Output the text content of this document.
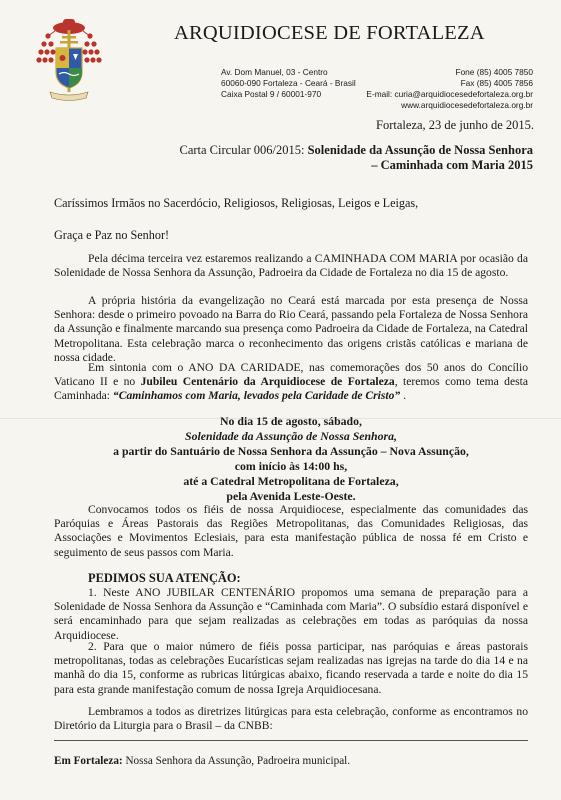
ARQUIDIOCESE DE FORTALEZA
Av. Dom Manuel, 03 - Centro
60060-090 Fortaleza - Ceará - Brasil
Caixa Postal 9 / 60001-970
Fone (85) 4005 7850
Fax (85) 4005 7856
E-mail: curia@arquidiocesedefortaleza.org.br
www.arquidiocesedefortaleza.org.br
Fortaleza, 23 de junho de 2015.
Carta Circular 006/2015: Solenidade da Assunção de Nossa Senhora
– Caminhada com Maria 2015
Caríssimos Irmãos no Sacerdócio, Religiosos, Religiosas, Leigos e Leigas,
Graça e Paz no Senhor!

Pela décima terceira vez estaremos realizando a CAMINHADA COM MARIA por ocasião da Solenidade de Nossa Senhora da Assunção, Padroeira da Cidade de Fortaleza no dia 15 de agosto.

A própria história da evangelização no Ceará está marcada por esta presença de Nossa Senhora: desde o primeiro povoado na Barra do Rio Ceará, passando pela Fortaleza de Nossa Senhora da Assunção e finalmente marcando sua presença como Padroeira da Cidade de Fortaleza, na Catedral Metropolitana. Esta celebração marca o reconhecimento das origens cristãs católicas e mariana de nossa cidade.

Em sintonia com o ANO DA CARIDADE, nas comemorações dos 50 anos do Concílio Vaticano II e no Jubileu Centenário da Arquidiocese de Fortaleza, teremos como tema desta Caminhada: “Caminhamos com Maria, levados pela Caridade de Cristo” .

No dia 15 de agosto, sábado,
Solenidade da Assunção de Nossa Senhora,
a partir do Santuário de Nossa Senhora da Assunção – Nova Assunção,
com início às 14:00 hs,
até a Catedral Metropolitana de Fortaleza,
pela Avenida Leste-Oeste.

Convocamos todos os fiéis de nossa Arquidiocese, especialmente das comunidades das Paróquias e Áreas Pastorais das Regiões Metropolitanas, das Comunidades Religiosas, das Associações e Movimentos Eclesiais, para esta manifestação pública de nossa fé em Cristo e seguimento de seus passos com Maria.

PEDIMOS SUA ATENÇÃO:

1. Neste ANO JUBILAR CENTENÁRIO propomos uma semana de preparação para a Solenidade de Nossa Senhora da Assunção e “Caminhada com Maria”. O subsídio estará disponível e será encaminhado para que sejam realizadas as celebrações em todas as paróquias da nossa Arquidiocese.

2. Para que o maior número de fiéis possa participar, nas paróquias e áreas pastorais metropolitanas, todas as celebrações Eucarísticas sejam realizadas nas igrejas na tarde do dia 14 e na manhã do dia 15, conforme as rubricas litúrgicas abaixo, ficando reservada a tarde e noite do dia 15 para esta grande manifestação comum de nossa Igreja Arquidiocesana.

Lembramos a todos as diretrizes litúrgicas para esta celebração, conforme as encontramos no Diretório da Liturgia para o Brasil – da CNBB:

Em Fortaleza: Nossa Senhora da Assunção, Padroeira municipal.
